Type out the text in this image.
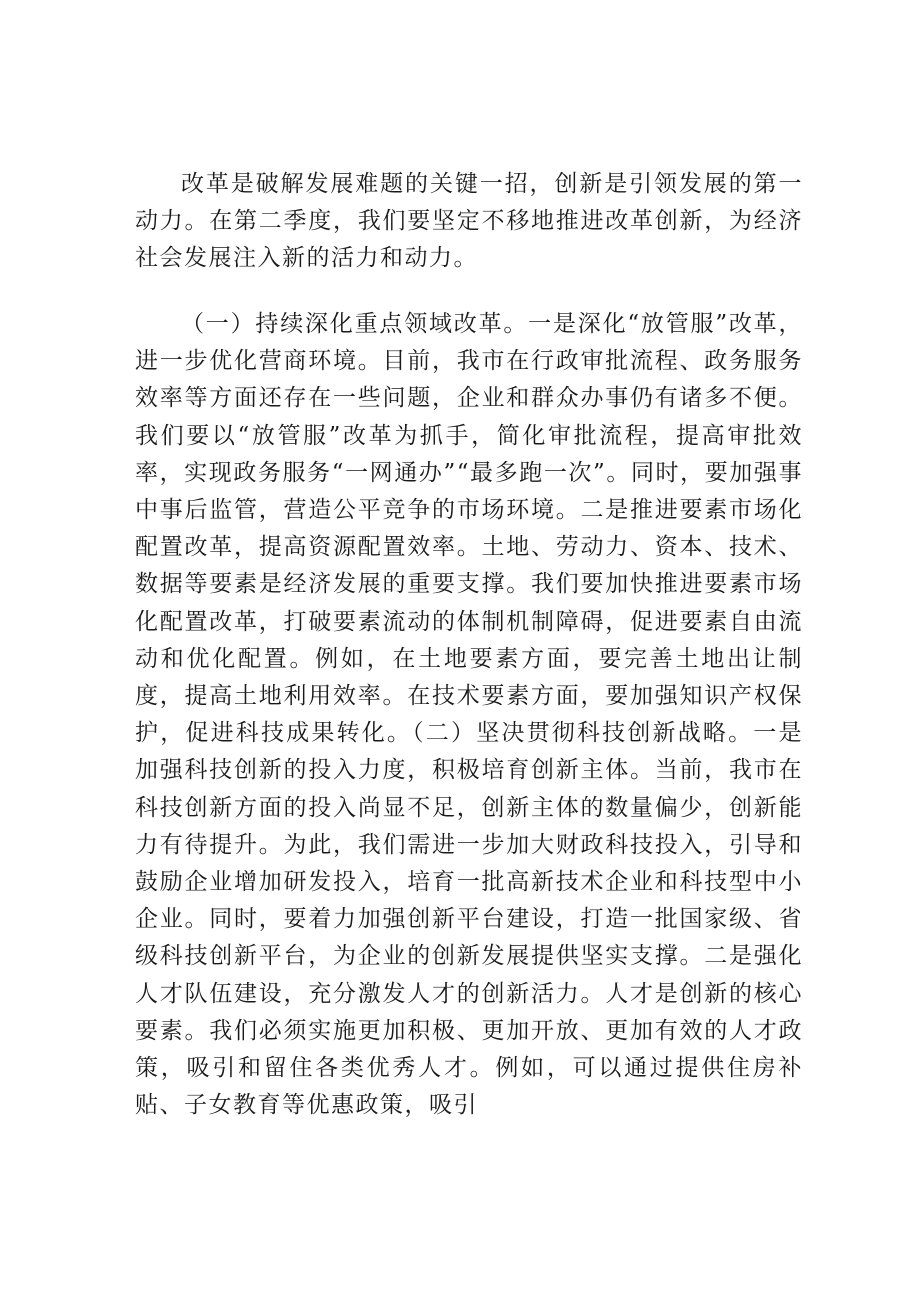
改革是破解发展难题的关键一招，创新是引领发展的第一动力。在第二季度，我们要坚定不移地推进改革创新，为经济社会发展注入新的活力和动力。

（一）持续深化重点领域改革。一是深化“放管服”改革，进一步优化营商环境。目前，我市在行政审批流程、政务服务效率等方面还存在一些问题，企业和群众办事仍有诸多不便。我们要以“放管服”改革为抓手，简化审批流程，提高审批效率，实现政务服务“一网通办”“最多跑一次”。同时，要加强事中事后监管，营造公平竞争的市场环境。二是推进要素市场化配置改革，提高资源配置效率。土地、劳动力、资本、技术、数据等要素是经济发展的重要支撑。我们要加快推进要素市场化配置改革，打破要素流动的体制机制障碍，促进要素自由流动和优化配置。例如，在土地要素方面，要完善土地出让制度，提高土地利用效率。在技术要素方面，要加强知识产权保护，促进科技成果转化。（二）坚决贯彻科技创新战略。一是加强科技创新的投入力度，积极培育创新主体。当前，我市在科技创新方面的投入尚显不足，创新主体的数量偏少，创新能力有待提升。为此，我们需进一步加大财政科技投入，引导和鼓励企业增加研发投入，培育一批高新技术企业和科技型中小企业。同时，要着力加强创新平台建设，打造一批国家级、省级科技创新平台，为企业的创新发展提供坚实支撑。二是强化人才队伍建设，充分激发人才的创新活力。人才是创新的核心要素。我们必须实施更加积极、更加开放、更加有效的人才政策，吸引和留住各类优秀人才。例如，可以通过提供住房补贴、子女教育等优惠政策，吸引
